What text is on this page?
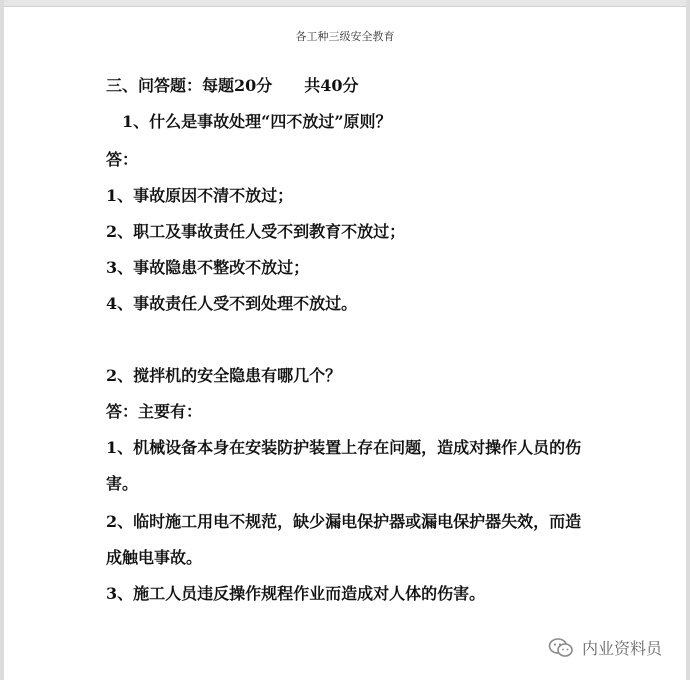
各工种三级安全教育
三、问答题：每题20分　　共40分
1、什么是事故处理“四不放过”原则？
答：
1、事故原因不清不放过；
2、职工及事故责任人受不到教育不放过；
3、事故隐患不整改不放过；
4、事故责任人受不到处理不放过。
2、搅拌机的安全隐患有哪几个？
答：主要有：
1、机械设备本身在安装防护装置上存在问题，造成对操作人员的伤
害。
2、临时施工用电不规范，缺少漏电保护器或漏电保护器失效，而造
成触电事故。
3、施工人员违反操作规程作业而造成对人体的伤害。
内业资料员
